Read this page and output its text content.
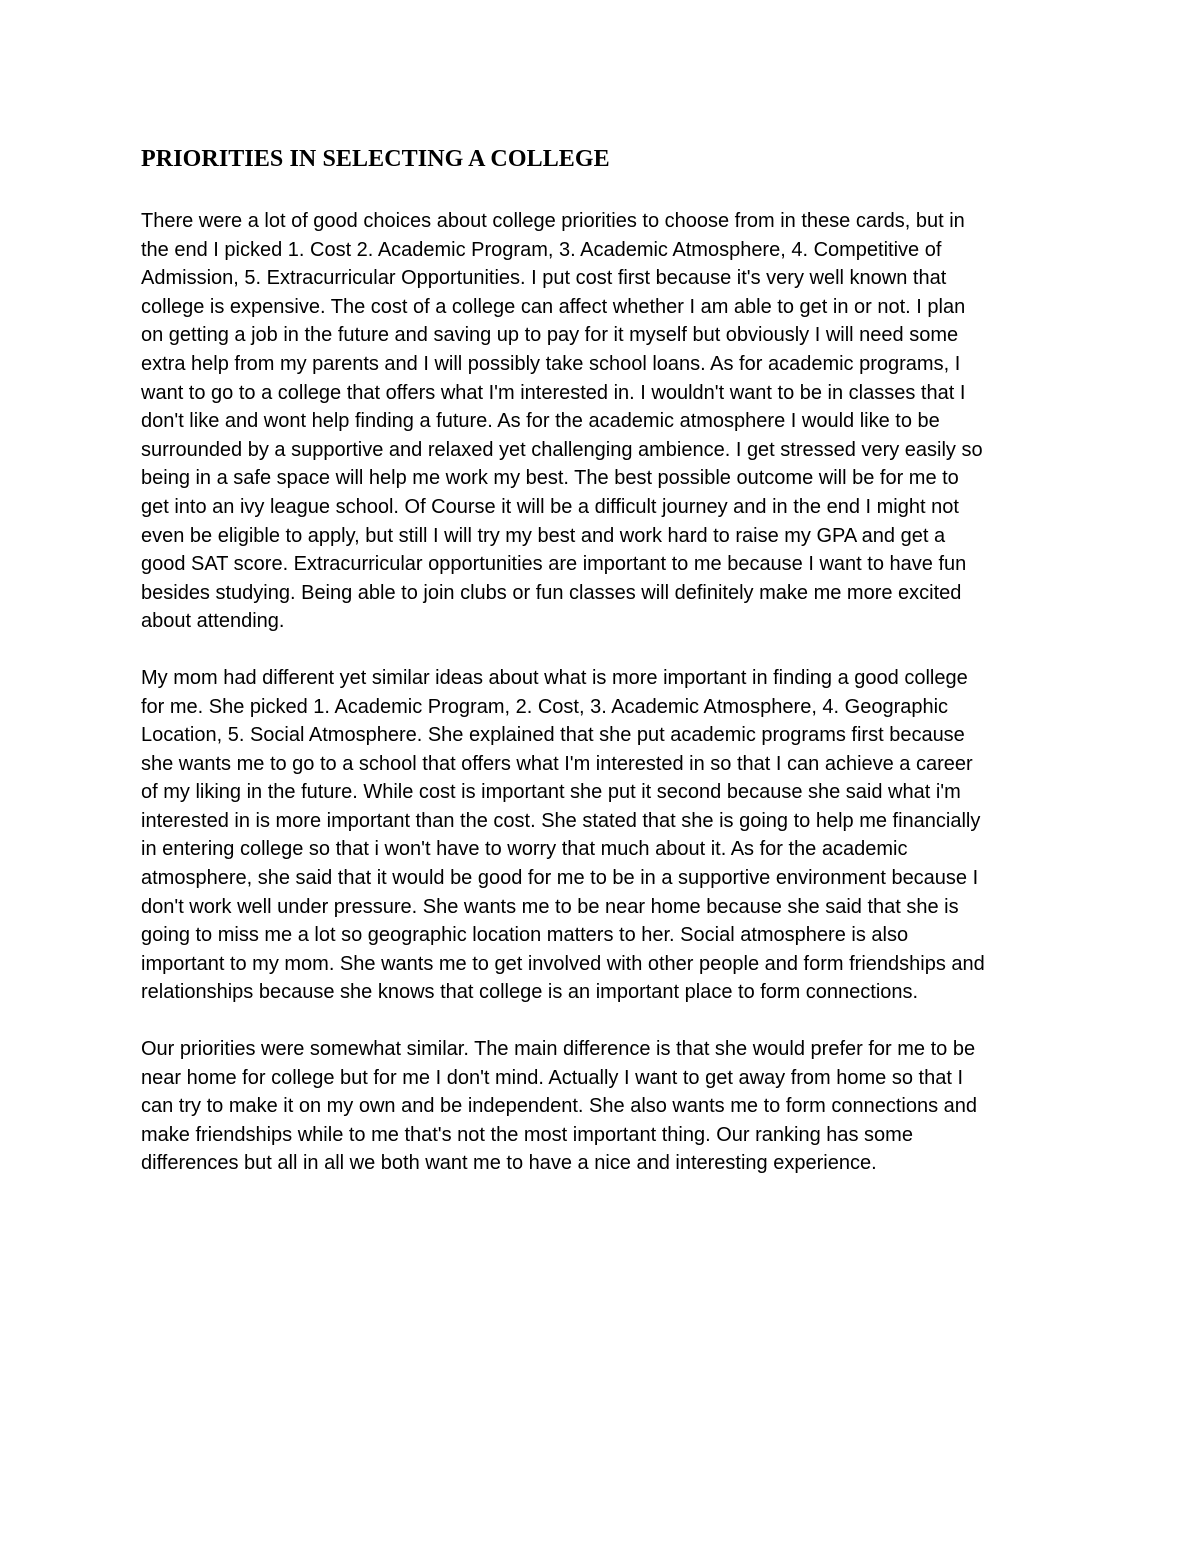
PRIORITIES IN SELECTING A COLLEGE
There were a lot of good choices about college priorities to choose from in these cards, but in
the end I picked 1. Cost 2. Academic Program, 3. Academic Atmosphere, 4. Competitive of
Admission, 5. Extracurricular Opportunities. I put cost first because it's very well known that
college is expensive. The cost of a college can affect whether I am able to get in or not. I plan
on getting a job in the future and saving up to pay for it myself but obviously I will need some
extra help from my parents and I will possibly take school loans. As for academic programs, I
want to go to a college that offers what I'm interested in. I wouldn't want to be in classes that I
don't like and wont help finding a future. As for the academic atmosphere I would like to be
surrounded by a supportive and relaxed yet challenging ambience. I get stressed very easily so
being in a safe space will help me work my best. The best possible outcome will be for me to
get into an ivy league school. Of Course it will be a difficult journey and in the end I might not
even be eligible to apply, but still I will try my best and work hard to raise my GPA and get a
good SAT score. Extracurricular opportunities are important to me because I want to have fun
besides studying. Being able to join clubs or fun classes will definitely make me more excited
about attending.
My mom had different yet similar ideas about what is more important in finding a good college
for me. She picked 1. Academic Program, 2. Cost, 3. Academic Atmosphere, 4. Geographic
Location, 5. Social Atmosphere. She explained that she put academic programs first because
she wants me to go to a school that offers what I'm interested in so that I can achieve a career
of my liking in the future. While cost is important she put it second because she said what i'm
interested in is more important than the cost. She stated that she is going to help me financially
in entering college so that i won't have to worry that much about it. As for the academic
atmosphere, she said that it would be good for me to be in a supportive environment because I
don't work well under pressure. She wants me to be near home because she said that she is
going to miss me a lot so geographic location matters to her. Social atmosphere is also
important to my mom. She wants me to get involved with other people and form friendships and
relationships because she knows that college is an important place to form connections.
Our priorities were somewhat similar. The main difference is that she would prefer for me to be
near home for college but for me I don't mind. Actually I want to get away from home so that I
can try to make it on my own and be independent. She also wants me to form connections and
make friendships while to me that's not the most important thing. Our ranking has some
differences but all in all we both want me to have a nice and interesting experience.
